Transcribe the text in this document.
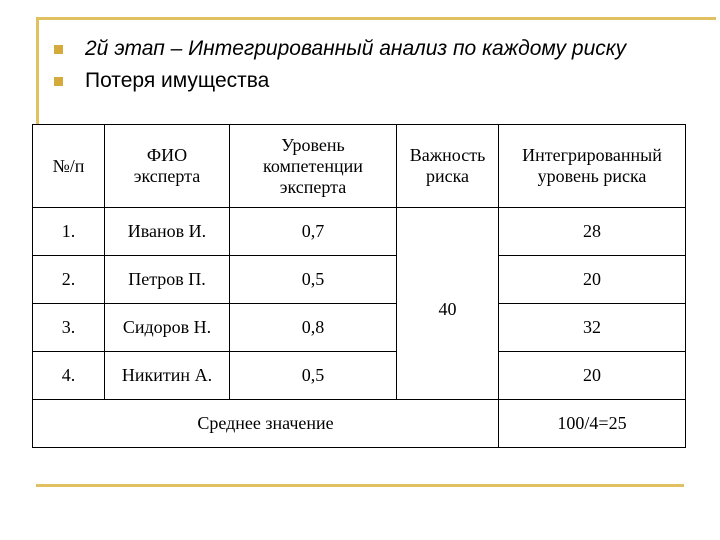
2й этап – Интегрированный анализ по каждому риску
Потеря имущества
№/п	ФИО эксперта	Уровень компетенции эксперта	Важность риска	Интегрированный уровень риска
1.	Иванов И.	0,7	40	28
2.	Петров П.	0,5		20
3.	Сидоров Н.	0,8		32
4.	Никитин А.	0,5		20
Среднее значение				100/4=25
